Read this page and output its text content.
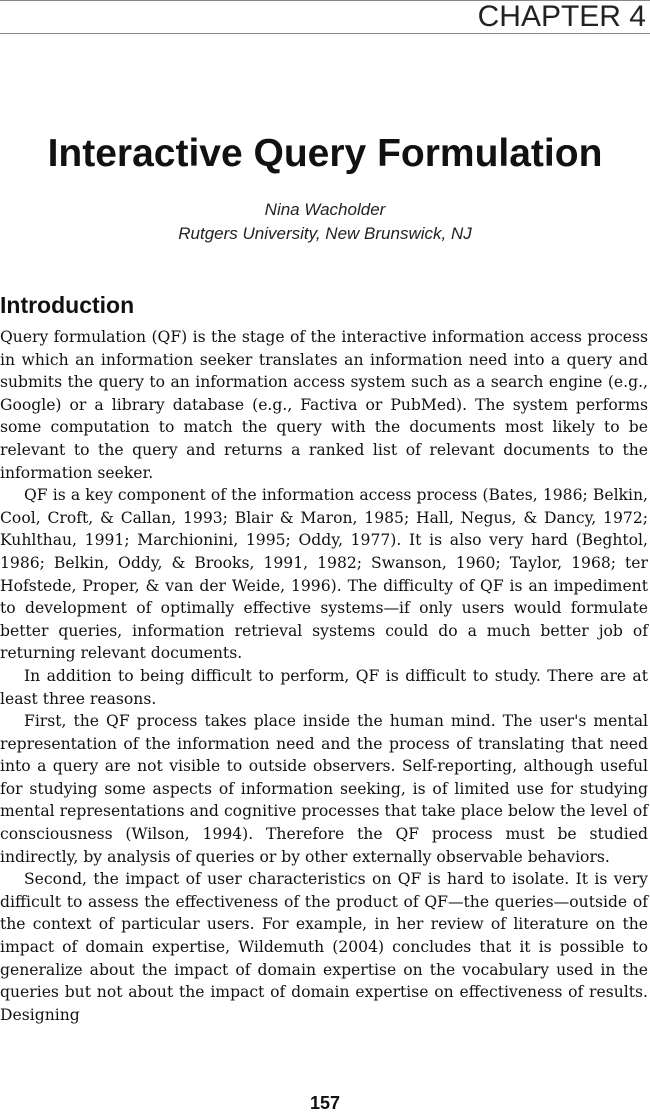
CHAPTER 4
Interactive Query Formulation
Nina Wacholder
Rutgers University, New Brunswick, NJ
Introduction

Query formulation (QF) is the stage of the interactive information access process in which an information seeker translates an information need into a query and submits the query to an information access system such as a search engine (e.g., Google) or a library database (e.g., Factiva or PubMed). The system performs some computation to match the query with the documents most likely to be relevant to the query and returns a ranked list of relevant documents to the information seeker.

QF is a key component of the information access process (Bates, 1986; Belkin, Cool, Croft, & Callan, 1993; Blair & Maron, 1985; Hall, Negus, & Dancy, 1972; Kuhlthau, 1991; Marchionini, 1995; Oddy, 1977). It is also very hard (Beghtol, 1986; Belkin, Oddy, & Brooks, 1991, 1982; Swanson, 1960; Taylor, 1968; ter Hofstede, Proper, & van der Weide, 1996). The difficulty of QF is an impediment to development of optimally effective systems—if only users would formulate better queries, information retrieval systems could do a much better job of returning relevant documents.

In addition to being difficult to perform, QF is difficult to study. There are at least three reasons.

First, the QF process takes place inside the human mind. The user's mental representation of the information need and the process of translating that need into a query are not visible to outside observers. Self-reporting, although useful for studying some aspects of information seeking, is of limited use for studying mental representations and cognitive processes that take place below the level of consciousness (Wilson, 1994). Therefore the QF process must be studied indirectly, by analysis of queries or by other externally observable behaviors.

Second, the impact of user characteristics on QF is hard to isolate. It is very difficult to assess the effectiveness of the product of QF—the queries—outside of the context of particular users. For example, in her review of literature on the impact of domain expertise, Wildemuth (2004) concludes that it is possible to generalize about the impact of domain expertise on the vocabulary used in the queries but not about the impact of domain expertise on effectiveness of results. Designing

157
